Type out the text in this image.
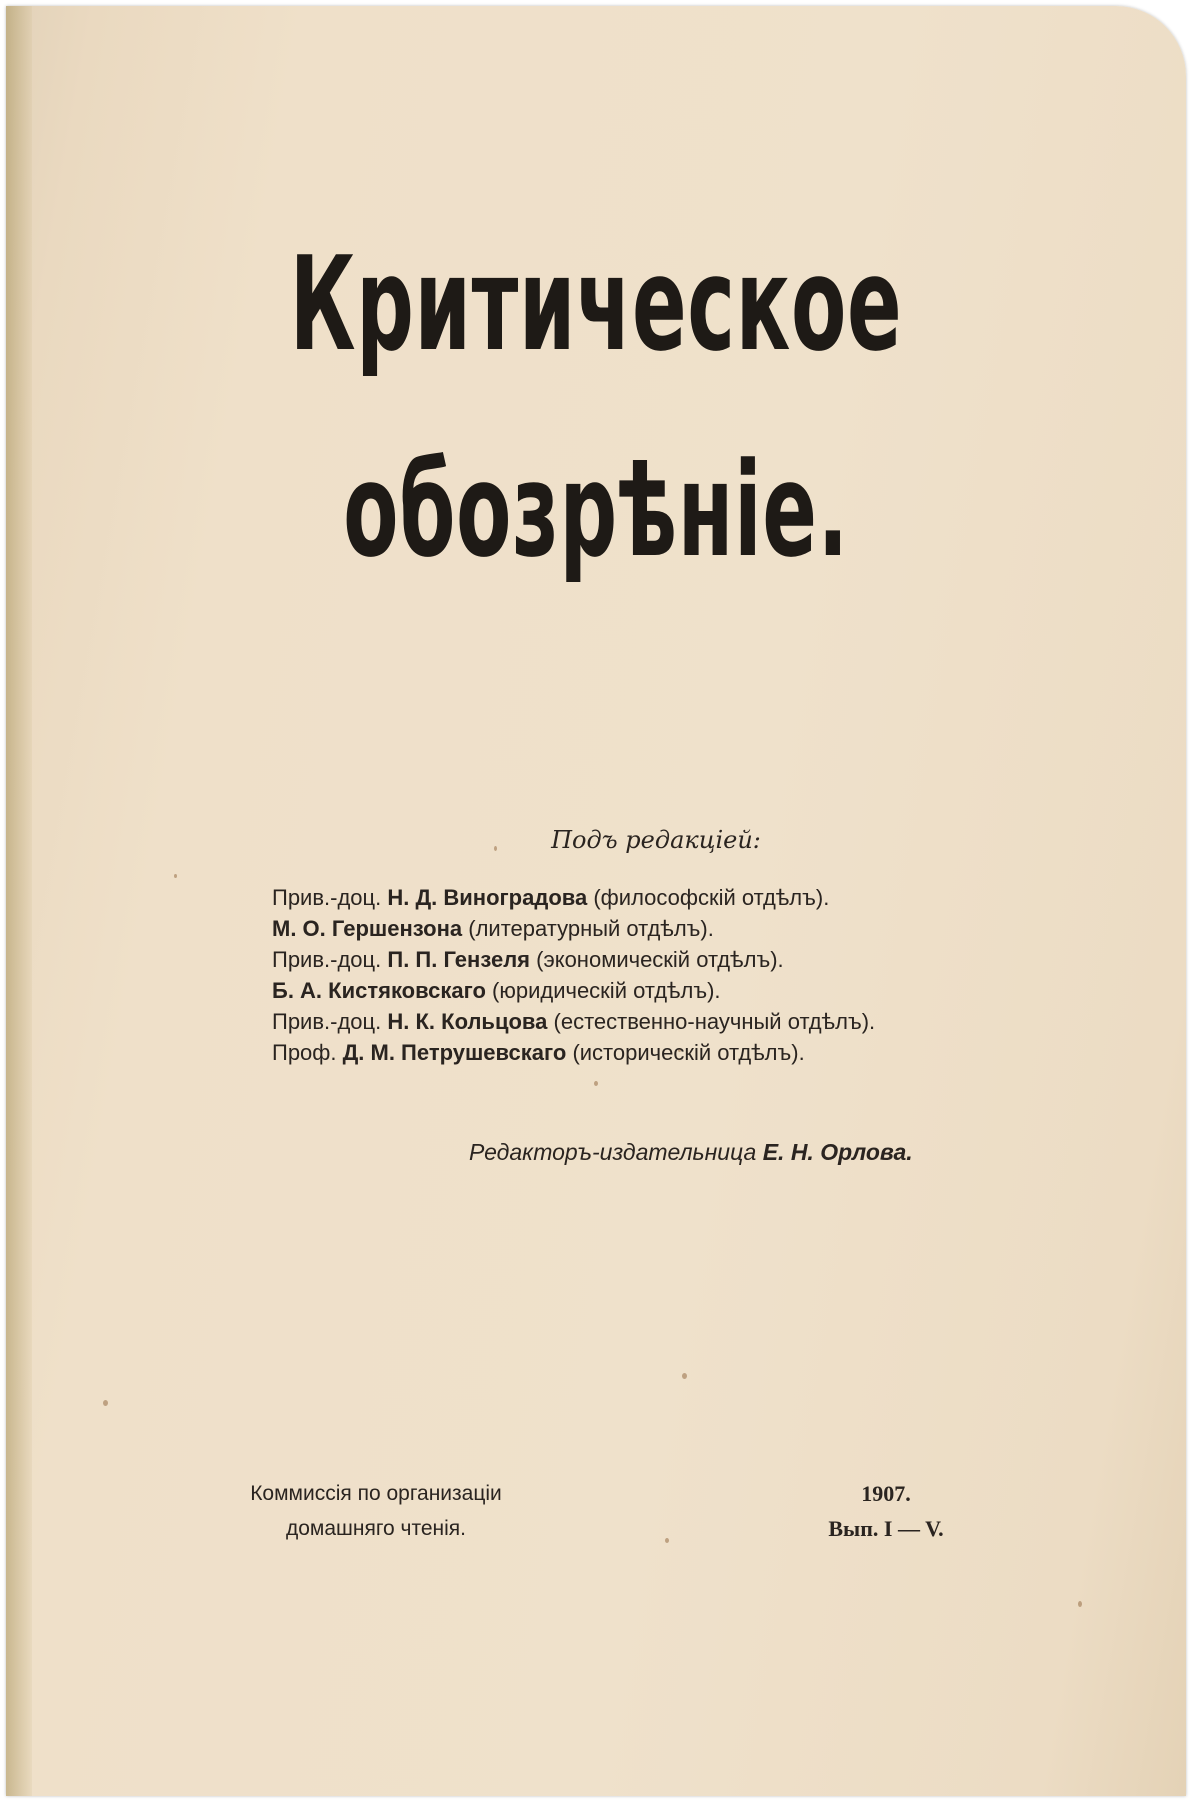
Критическое
обозрѣніе.
Подъ редакціей:
Прив.-доц. Н. Д. Виноградова (философскій отдѣлъ).
М. О. Гершензона (литературный отдѣлъ).
Прив.-доц. П. П. Гензеля (экономическій отдѣлъ).
Б. А. Кистяковскаго (юридическій отдѣлъ).
Прив.-доц. Н. К. Кольцова (естественно-научный отдѣлъ).
Проф. Д. М. Петрушевскаго (историческій отдѣлъ).
Редакторъ-издательница Е. Н. Орлова.
Коммиссія по организаціи
домашняго чтенія.
1907.
Вып. I — V.
